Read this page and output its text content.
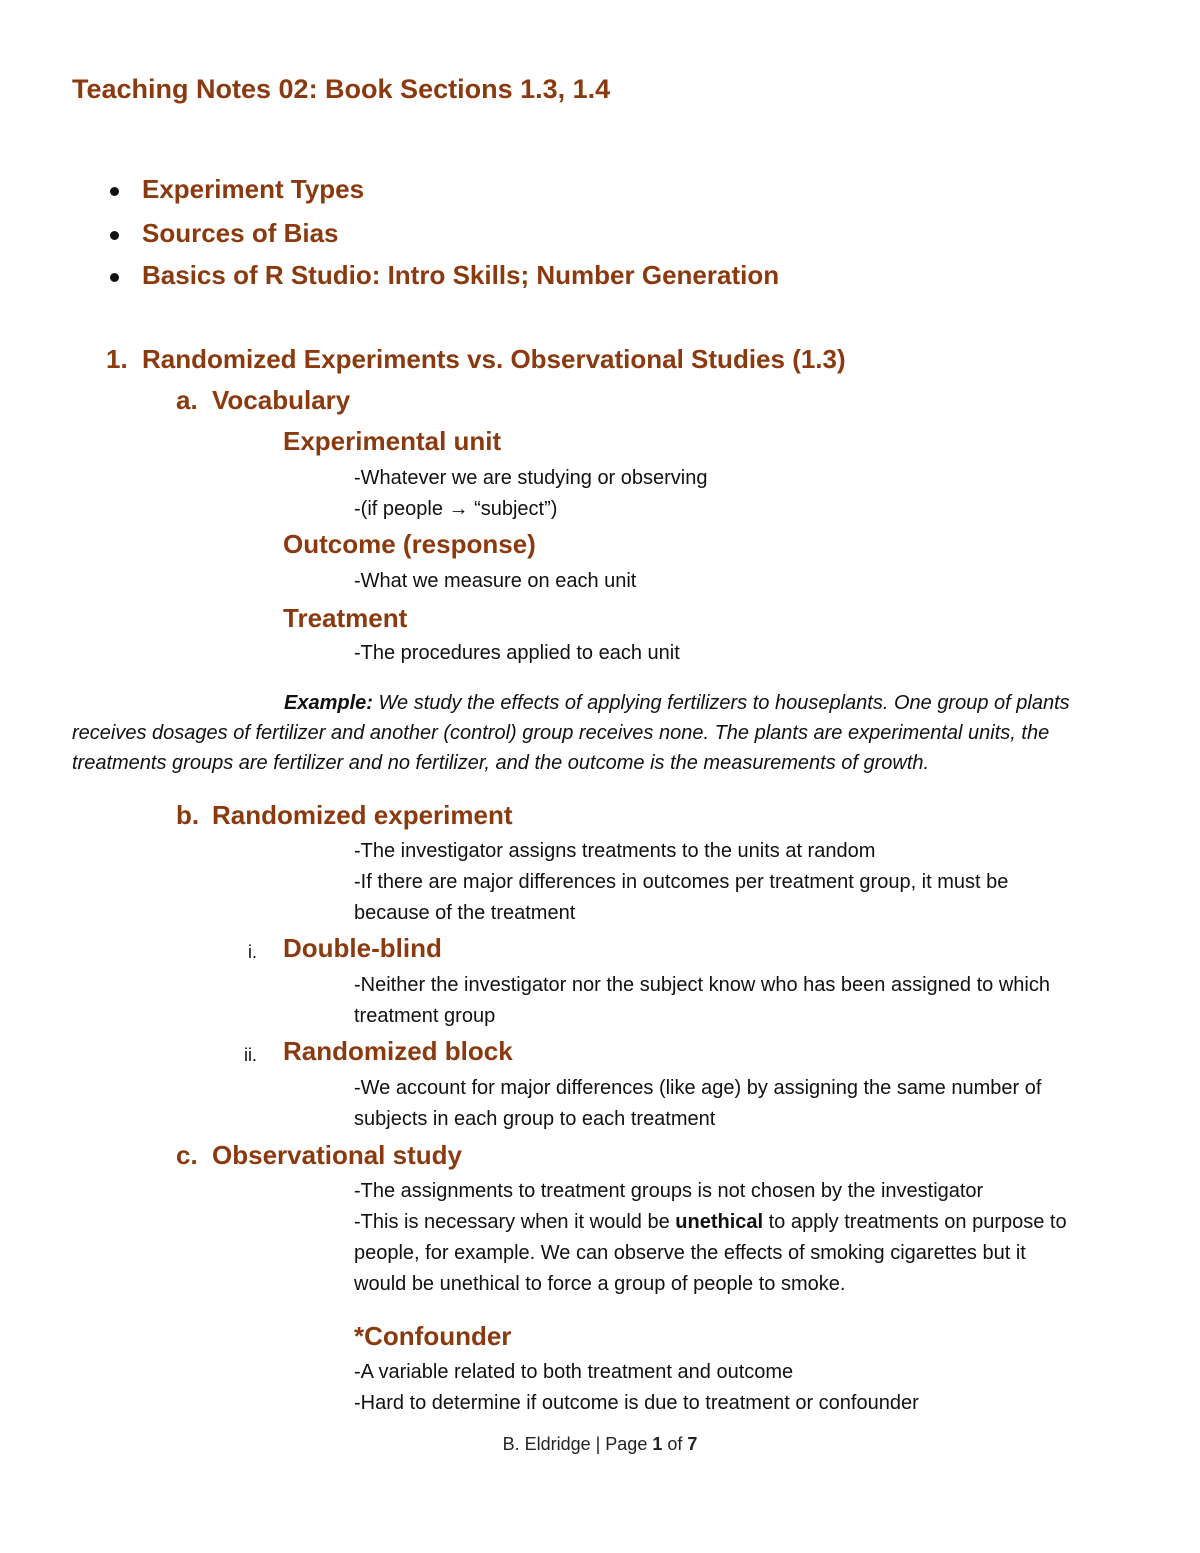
Teaching Notes 02: Book Sections 1.3, 1.4
Experiment Types
Sources of Bias
Basics of R Studio: Intro Skills; Number Generation
1. Randomized Experiments vs. Observational Studies (1.3)
a. Vocabulary
Experimental unit
-Whatever we are studying or observing
-(if people → “subject”)
Outcome (response)
-What we measure on each unit
Treatment
-The procedures applied to each unit
Example: We study the effects of applying fertilizers to houseplants. One group of plants receives dosages of fertilizer and another (control) group receives none. The plants are experimental units, the treatments groups are fertilizer and no fertilizer, and the outcome is the measurements of growth.
b. Randomized experiment
-The investigator assigns treatments to the units at random
-If there are major differences in outcomes per treatment group, it must be
because of the treatment
i. Double-blind
-Neither the investigator nor the subject know who has been assigned to which
treatment group
ii. Randomized block
-We account for major differences (like age) by assigning the same number of
subjects in each group to each treatment
c. Observational study
-The assignments to treatment groups is not chosen by the investigator
-This is necessary when it would be unethical to apply treatments on purpose to
people, for example. We can observe the effects of smoking cigarettes but it
would be unethical to force a group of people to smoke.
*Confounder
-A variable related to both treatment and outcome
-Hard to determine if outcome is due to treatment or confounder
B. Eldridge | Page 1 of 7
